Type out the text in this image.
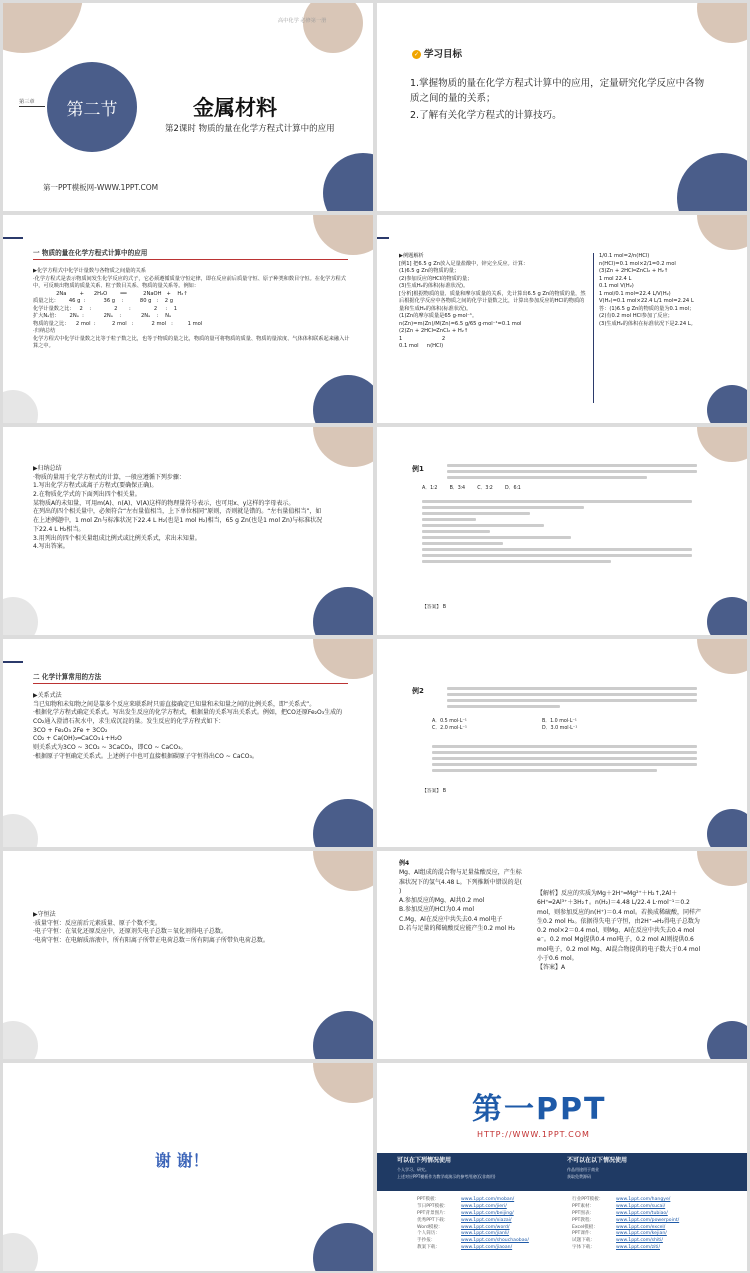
高中化学 必修第一册
第三章 第二节	金属材料
第2课时 物质的量在化学方程式计算中的应用
第一PPT模板网-WWW.1PPT.COM
✓ 学习目标
1.掌握物质的量在化学方程式计算中的应用，定量研究化学反应中各物质之间的量的关系；
2.了解有关化学方程式的计算技巧。
一 物质的量在化学方程式计算中的应用
▶化学方程式中化学计量数与各物质之间量的关系
·化学方程式是表示物质间发生化学反应的式子，它必须遵循质量守恒定律，即在反应前后质量守恒、原子种类和数目守恒。在化学方程式中，可反映出物质的质量关系、粒子数目关系、物质的量关系等。例如：
2Na        +      2H₂O        ══          2NaOH   +    H₂↑
质量之比：      46 g  :           36 g    :          80 g   :    2 g
化学计量数之比：   2    :              2       :              2     :    1
扩大Nₐ倍：      2Nₐ  :            2Nₐ    :            2Nₐ    :    Nₐ
物质的量之比：    2 mol  :          2 mol   :           2 mol   :         1 mol
·归纳总结
化学方程式中化学计量数之比等于粒子数之比，也等于物质的量之比，物质的量可将物质的质量、物质的量浓度、气体体积联系起来融入计算之中。
▶例题解析
[例1] 把6.5 g Zn放入足量盐酸中，锌完全反应。计算：
(1)6.5 g Zn的物质的量；
(2)参加反应的HCl的物质的量；
(3)生成H₂的体积(标准状况)。
[分析]根据物质的量、质量和摩尔质量的关系，先计算出6.5 g Zn的物质的量，然后根据化学反应中各物质之间的化学计量数之比，计算出参加反应的HCl的物质的量和生成H₂的体积(标准状况)。
(1)Zn的摩尔质量是65 g·mol⁻¹。
n(Zn)=m(Zn)/M(Zn)=6.5 g/65 g·mol⁻¹=0.1 mol
(2)Zn + 2HCl═ZnCl₂ + H₂↑
1                        2
0.1 mol     n(HCl)
1/0.1 mol=2/n(HCl)
n(HCl)=0.1 mol×2/1=0.2 mol
(3)Zn + 2HCl═ZnCl₂ + H₂↑
1 mol 22.4 L
0.1 mol V(H₂)
1 mol/0.1 mol=22.4 L/V(H₂)
V(H₂)=0.1 mol×22.4 L/1 mol=2.24 L
答：(1)6.5 g Zn的物质的量为0.1 mol；
(2)有0.2 mol HCl参加了反应；
(3)生成H₂的体积在标准状况下是2.24 L。
▶归纳总结
·物质的量用于化学方程式的计算，一般应遵循下列步骤：
1.写出化学方程式或离子方程式(要确保正确)。
2.在物质化学式的下面列出四个相关量。
某物质A的未知量，可用m(A)、n(A)、V(A)这样的物理量符号表示，也可用x、y这样的字母表示。
在列出的四个相关量中，必须符合“左右量值相当，上下单位相同”原则，否则就是错的。“左右量值相当”，如在上述例题中，1 mol Zn与标准状况下22.4 L H₂(也是1 mol H₂)相当，65 g Zn(也是1 mol Zn)与标准状况下22.4 L H₂相当。
3.用列出的四个相关量组成比例式或比例关系式，求出未知量。
4.写出答案。
例1
A．1∶2        B．3∶4        C．3∶2        D．6∶1
【答案】 B
二 化学计算常用的方法
▶关系式法
当已知物和未知物之间是靠多个反应来联系时只需直接确定已知量和未知量之间的比例关系，即“关系式”。
·根据化学方程式确定关系式。写出发生反应的化学方程式，根据量的关系写出关系式。例如，把CO还原Fe₂O₃生成的CO₂通入澄清石灰水中，求生成沉淀的量。发生反应的化学方程式如下：
3CO + Fe₂O₃ 2Fe + 3CO₂
CO₂ + Ca(OH)₂═CaCO₃↓+H₂O
则关系式为3CO ~ 3CO₂ ~ 3CaCO₃，即CO ~ CaCO₃。
·根据原子守恒确定关系式。上述例子中也可直接根据碳原子守恒得出CO ~ CaCO₃。
例2
A．0.5 mol·L⁻¹	B．1.0 mol·L⁻¹
C．2.0 mol·L⁻¹	D．3.0 mol·L⁻¹
【答案】 B
▶守恒法
·质量守恒：反应前后元素质量、原子个数不变。
·电子守恒：在氧化还原反应中，还原剂失电子总数＝氧化剂得电子总数。
·电荷守恒：在电解质溶液中，所有阳离子所带正电荷总数＝所有阴离子所带负电荷总数。
例4
Mg、Al组成的混合物与足量盐酸反应，产生标准状况下的氢气4.48 L。下列推断中错误的是( )
A.参加反应的Mg、Al共0.2 mol
B.参加反应的HCl为0.4 mol
C.Mg、Al在反应中共失去0.4 mol电子
D.若与足量的稀硫酸反应能产生0.2 mol H₂
【解析】反应的实质为Mg＋2H⁺═Mg²⁺＋H₂↑,2Al＋6H⁺═2Al³⁺＋3H₂↑。n(H₂)＝4.48 L/22.4 L·mol⁻¹＝0.2 mol，则参加反应的n(H⁺)＝0.4 mol。若换成稀硫酸，同样产生0.2 mol H₂。依据得失电子守恒，由2H⁺→H₂得电子总数为0.2 mol×2＝0.4 mol，则Mg、Al在反应中共失去0.4 mol e⁻。0.2 mol Mg提供0.4 mol电子，0.2 mol Al则提供0.6 mol电子，0.2 mol Mg、Al混合物提供的电子数大于0.4 mol小于0.6 mol。
【答案】A
谢 谢！
第一PPT
HTTP://WWW.1PPT.COM
可以在下列情况使用
个人学习、研究。
上述对应PPT模板作为教学或演示的参考用途(仅非商用)
不可以在以下情况使用
作品用途用于商业
获取免费源码
PPT模板：	www.1ppt.com/moban/
节日PPT模板：	www.1ppt.com/jieri/
PPT背景图片：	www.1ppt.com/beijing/
优秀PPT下载：	www.1ppt.com/xiazai/
Word模板：	www.1ppt.com/word/
个人简历：	www.1ppt.com/jianli/
手抄报：	www.1ppt.com/shouchaobao/
教案下载：	www.1ppt.com/jiaoan/
行业PPT模板：	www.1ppt.com/hangye/
PPT素材：	www.1ppt.com/sucai/
PPT图表：	www.1ppt.com/tubiao/
PPT教程：	www.1ppt.com/powerpoint/
Excel模板：	www.1ppt.com/excel/
PPT课件：	www.1ppt.com/kejian/
试题下载：	www.1ppt.com/shiti/
字体下载：	www.1ppt.com/ziti/
